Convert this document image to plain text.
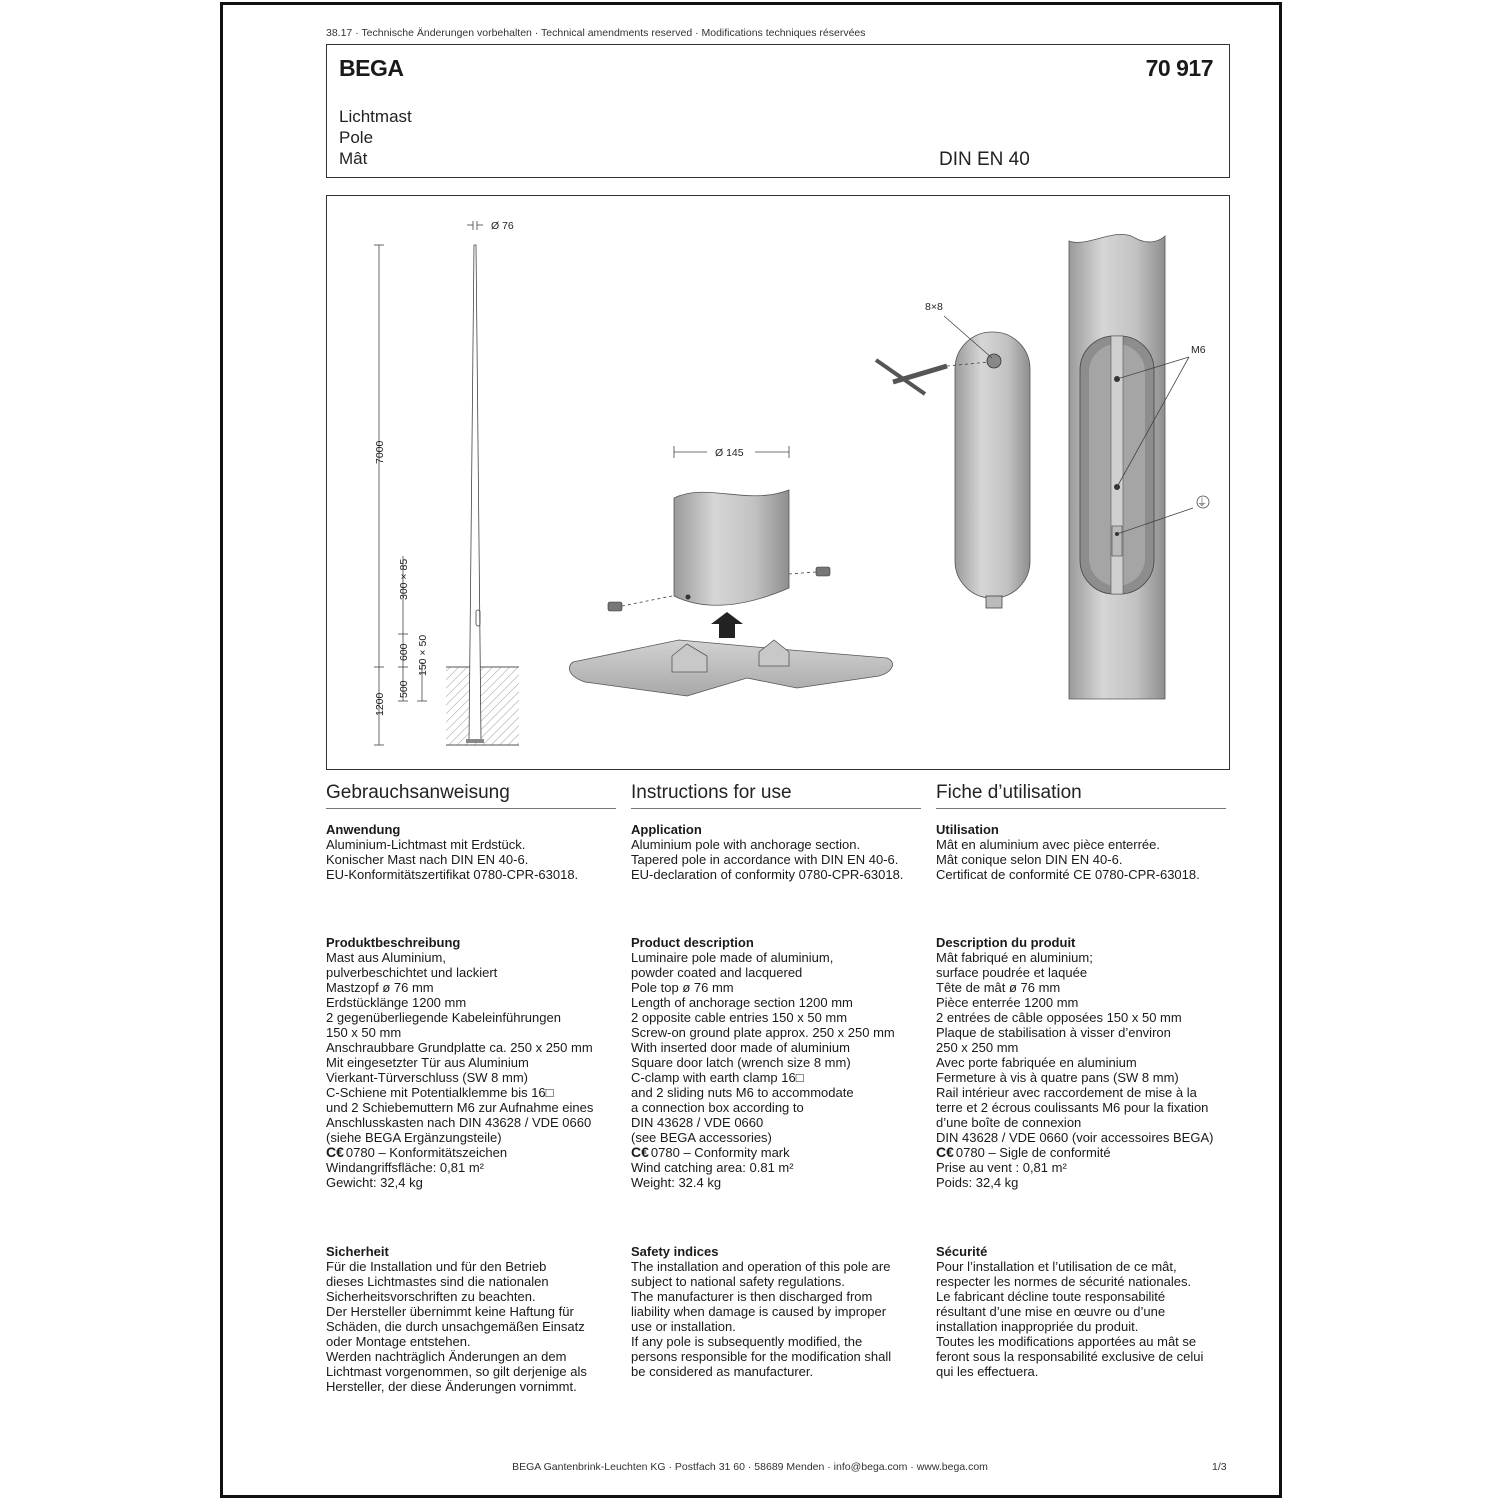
38.17 · Technische Änderungen vorbehalten · Technical amendments reserved · Modifications techniques réservées
BEGA	70 917
Lichtmast
Pole
Mât	DIN EN 40
Ø 76
7000
1200
300 × 85
600
500
150 × 50
Ø 145
8×8
M6
⏚
Gebrauchsanweisung	Instructions for use	Fiche d’utilisation
Anwendung
Aluminium-Lichtmast mit Erdstück.
Konischer Mast nach DIN EN 40-6.
EU-Konformitätszertifikat 0780-CPR-63018.
Produktbeschreibung
Mast aus Aluminium,
pulverbeschichtet und lackiert
Mastzopf ø 76 mm
Erdstücklänge 1200 mm
2 gegenüberliegende Kabeleinführungen
150 x 50 mm
Anschraubbare Grundplatte ca. 250 x 250 mm
Mit eingesetzter Tür aus Aluminium
Vierkant-Türverschluss (SW 8 mm)
C-Schiene mit Potentialklemme bis 16□
und 2 Schiebemuttern M6 zur Aufnahme eines
Anschlusskasten nach DIN 43628 / VDE 0660
(siehe BEGA Ergänzungsteile)
C€ 0780 – Konformitätszeichen
Windangriffsfläche: 0,81 m²
Gewicht: 32,4 kg
Sicherheit
Für die Installation und für den Betrieb
dieses Lichtmastes sind die nationalen
Sicherheitsvorschriften zu beachten.
Der Hersteller übernimmt keine Haftung für
Schäden, die durch unsachgemäßen Einsatz
oder Montage entstehen.
Werden nachträglich Änderungen an dem
Lichtmast vorgenommen, so gilt derjenige als
Hersteller, der diese Änderungen vornimmt.
Application
Aluminium pole with anchorage section.
Tapered pole in accordance with DIN EN 40-6.
EU-declaration of conformity 0780-CPR-63018.
Product description
Luminaire pole made of aluminium,
powder coated and lacquered
Pole top ø 76 mm
Length of anchorage section 1200 mm
2 opposite cable entries 150 x 50 mm
Screw-on ground plate approx. 250 x 250 mm
With inserted door made of aluminium
Square door latch (wrench size 8 mm)
C-clamp with earth clamp 16□
and 2 sliding nuts M6 to accommodate
a connection box according to
DIN 43628 / VDE 0660
(see BEGA accessories)
C€ 0780 – Conformity mark
Wind catching area: 0.81 m²
Weight: 32.4 kg
Safety indices
The installation and operation of this pole are
subject to national safety regulations.
The manufacturer is then discharged from
liability when damage is caused by improper
use or installation.
If any pole is subsequently modified, the
persons responsible for the modification shall
be considered as manufacturer.
Utilisation
Mât en aluminium avec pièce enterrée.
Mât conique selon DIN EN 40-6.
Certificat de conformité CE 0780-CPR-63018.
Description du produit
Mât fabriqué en aluminium;
surface poudrée et laquée
Tête de mât ø 76 mm
Pièce enterrée 1200 mm
2 entrées de câble opposées 150 x 50 mm
Plaque de stabilisation à visser d’environ
250 x 250 mm
Avec porte fabriquée en aluminium
Fermeture à vis à quatre pans (SW 8 mm)
Rail intérieur avec raccordement de mise à la
terre et 2 écrous coulissants M6 pour la fixation
d’une boîte de connexion
DIN 43628 / VDE 0660 (voir accessoires BEGA)
C€ 0780 – Sigle de conformité
Prise au vent : 0,81 m²
Poids: 32,4 kg
Sécurité
Pour l’installation et l’utilisation de ce mât,
respecter les normes de sécurité nationales.
Le fabricant décline toute responsabilité
résultant d’une mise en œuvre ou d’une
installation inappropriée du produit.
Toutes les modifications apportées au mât se
feront sous la responsabilité exclusive de celui
qui les effectuera.
BEGA Gantenbrink-Leuchten KG · Postfach 31 60 · 58689 Menden · info@bega.com · www.bega.com	1/3
